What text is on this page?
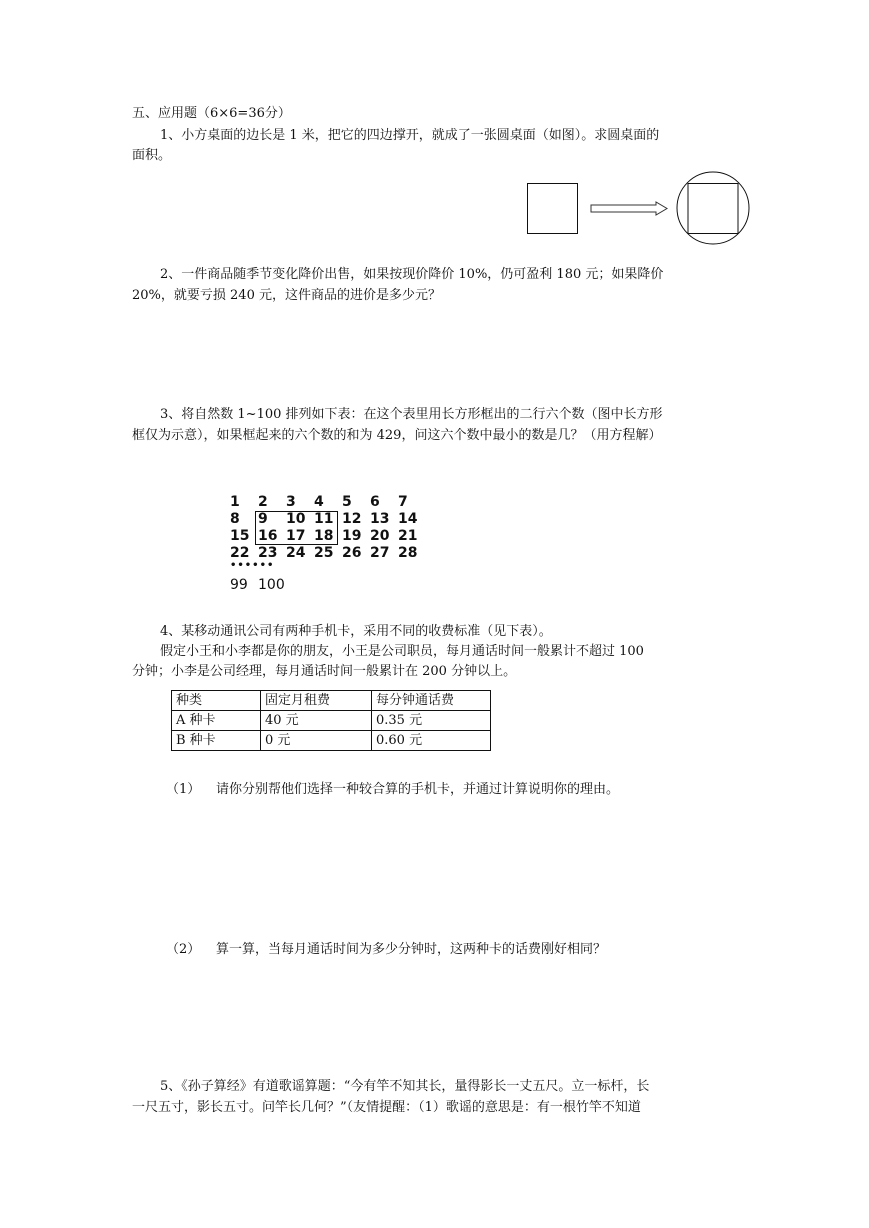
五、应用题（6×6=36分）
1、小方桌面的边长是 1 米，把它的四边撑开，就成了一张圆桌面（如图）。求圆桌面的
面积。
2、一件商品随季节变化降价出售，如果按现价降价 10%，仍可盈利 180 元；如果降价
20%，就要亏损 240 元，这件商品的进价是多少元？
3、将自然数 1~100 排列如下表：在这个表里用长方形框出的二行六个数（图中长方形
框仅为示意），如果框起来的六个数的和为 429，问这六个数中最小的数是几？（用方程解）
1	2	3	4	5	6	7
8	9	10 11 12 13 14
15 16 17 18 19 20 21
22 23 24 25 26 27 28
••••••
99 100
4、某移动通讯公司有两种手机卡，采用不同的收费标准（见下表）。
假定小王和小李都是你的朋友，小王是公司职员，每月通话时间一般累计不超过 100
分钟；小李是公司经理，每月通话时间一般累计在 200 分钟以上。
种类	固定月租费	每分钟通话费
A 种卡	40 元	0.35 元
B 种卡	0 元	0.60 元
（1） 请你分别帮他们选择一种较合算的手机卡，并通过计算说明你的理由。
（2） 算一算，当每月通话时间为多少分钟时，这两种卡的话费刚好相同？
5、《孙子算经》有道歌谣算题：“今有竿不知其长，量得影长一丈五尺。立一标杆，长
一尺五寸，影长五寸。问竿长几何？”（友情提醒：（1）歌谣的意思是：有一根竹竿不知道
